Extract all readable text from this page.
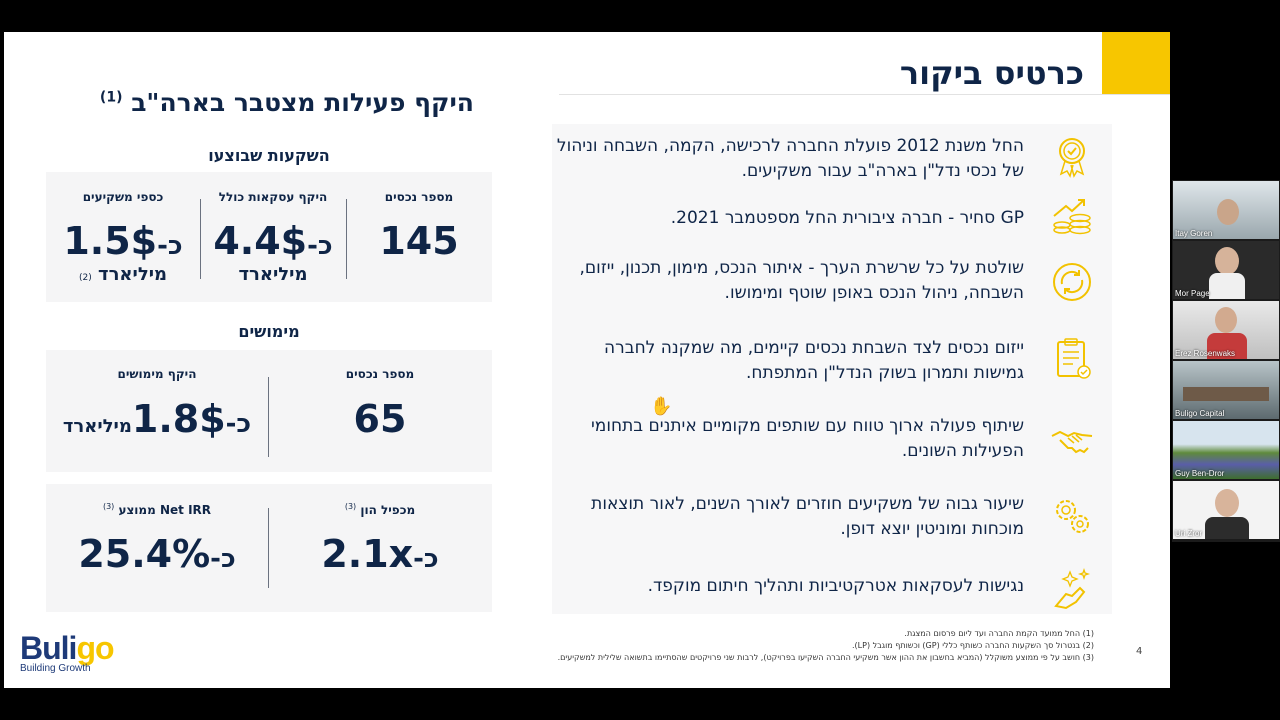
כרטיס ביקור
היקף פעילות מצטבר בארה"ב $^{(1)}$
השקעות שבוצעו
מספר נכסים
145
היקף עסקאות כולל
כ-4.4$
מיליארד
כספי משקיעים
כ-1.5$
מיליארד (2)
מימושים
מספר נכסים
65
היקף מימושים
כ-1.8$מיליארד
מכפיל הון $^{(3)}$
כ-2.1x
Net IRR ממוצע $^{(3)}$
כ-25.4%
החל משנת 2012 פועלת החברה לרכישה, הקמה, השבחה וניהול של נכסי נדל"ן בארה"ב עבור משקיעים.
GP סחיר - חברה ציבורית החל מספטמבר 2021.
שולטת על כל שרשרת הערך - איתור הנכס, מימון, תכנון, ייזום, השבחה, ניהול הנכס באופן שוטף ומימושו.
ייזום נכסים לצד השבחת נכסים קיימים, מה שמקנה לחברה גמישות ותמרון בשוק הנדל"ן המתפתח.
שיתוף פעולה ארוך טווח עם שותפים מקומיים איתנים בתחומי הפעילות השונים.
שיעור גבוה של משקיעים חוזרים לאורך השנים, לאור תוצאות מוכחות ומוניטין יוצא דופן.
נגישות לעסקאות אטרקטיביות ותהליך חיתום מוקפד.
✋
Buligo
Building Growth
(1) החל ממועד הקמת החברה ועד ליום פרסום המצגת.
(2) בנטרול סך השקעות החברה כשותף כללי (GP) וכשותף מוגבל (LP).
(3) חושב על פי ממוצע משוקלל (המביא בחשבון את ההון אשר משקיעי החברה השקיעו בפרויקט), לרבות שני פרויקטים שהסתיימו בתשואה שלילית למשקיעים.
4
Itay Goren
Mor Page
Erez Rosenwaks
Buligo Capital
Guy Ben-Dror
Uri Zror
